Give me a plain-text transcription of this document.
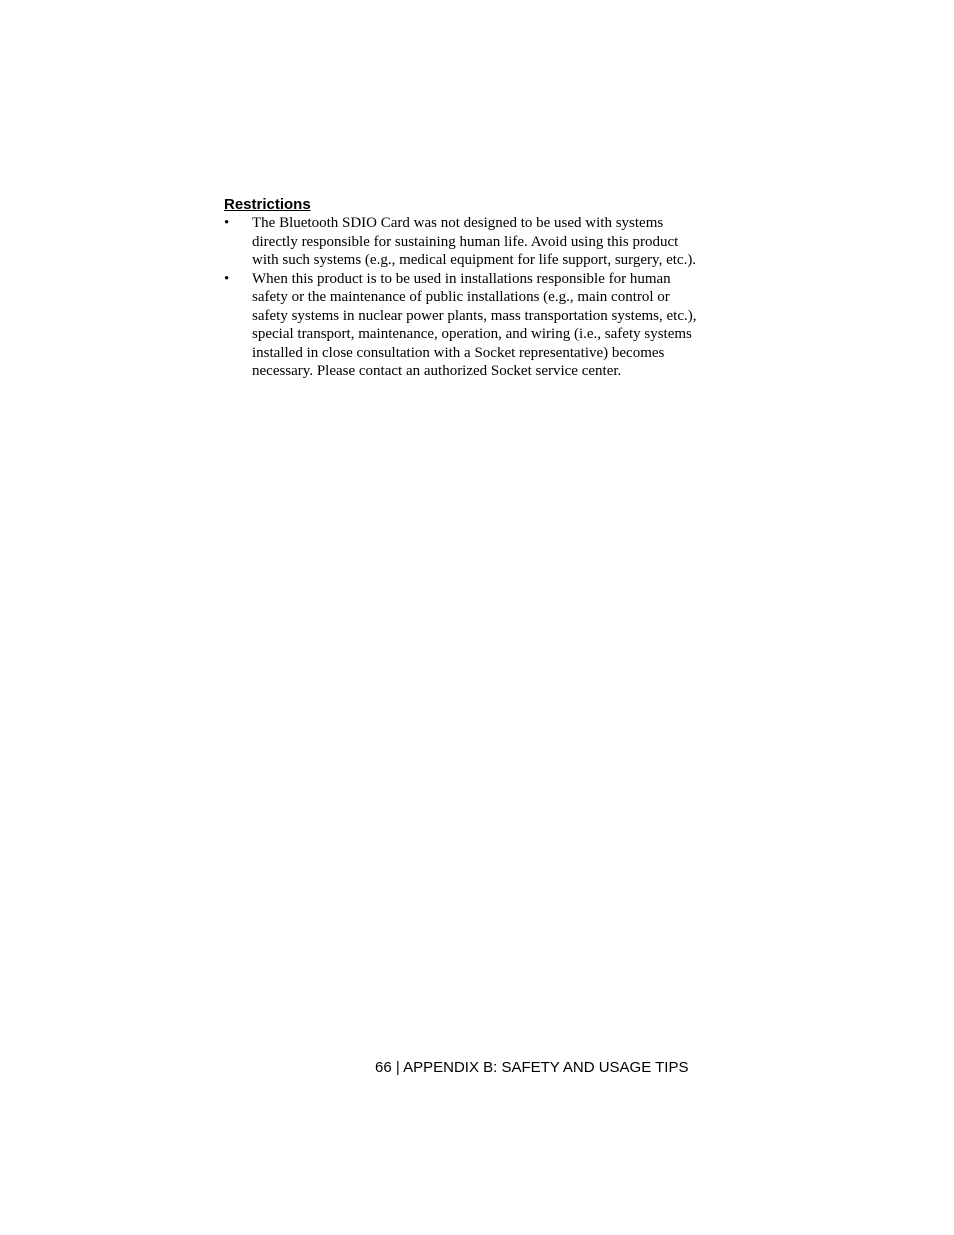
Restrictions
•	The Bluetooth SDIO Card was not designed to be used with systems directly responsible for sustaining human life. Avoid using this product with such systems (e.g., medical equipment for life support, surgery, etc.).
•	When this product is to be used in installations responsible for human safety or the maintenance of public installations (e.g., main control or safety systems in nuclear power plants, mass transportation systems, etc.), special transport, maintenance, operation, and wiring (i.e., safety systems installed in close consultation with a Socket representative) becomes necessary. Please contact an authorized Socket service center.
66 | APPENDIX B: SAFETY AND USAGE TIPS
